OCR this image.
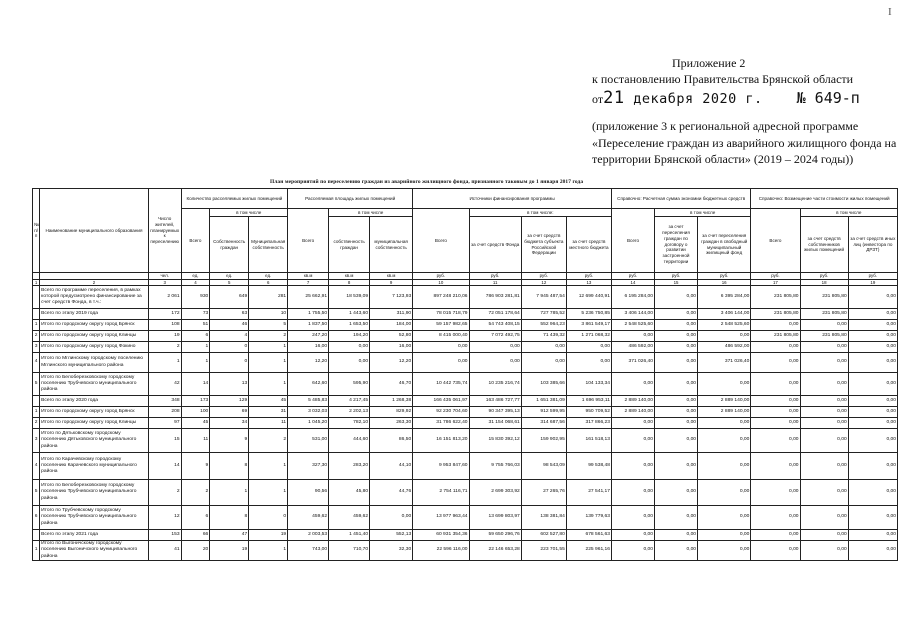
I
Приложение 2
к постановлению Правительства Брянской области
от21 декабря 2020 г. № 649-п

(приложение 3 к региональной адресной программе «Переселение граждан из аварийного жилищного фонда на территории Брянской области» (2019 – 2024 годы))

План мероприятий по переселению граждан из аварийного жилищного фонда, признанного таковым до 1 января 2017 года
№ п/п	Наименование муниципального образования	Число жителей, планируемых к переселению	Количество расселяемых жилых помещений			Расселяемая площадь жилых помещений			Источники финансирования программы				Справочно: Расчетная сумма экономии бюджетных средств			Справочно: Возмещение части стоимости жилых помещений		
			Всего	в том числе		Всего	в том числе		Всего	в том числе:			Всего	в том числе		Всего	в том числе	
				Собственность граждан	Муниципальная собственность		собственность граждан	муниципальная собственность		за счет средств Фонда	за счет средств бюджета субъекта Российской Федерации	за счет средств местного бюджета		за счет переселения граждан по договору о развитии застроенной территории	за счет переселения граждан в свободный муниципальный жилищный фонд		за счет средств собственников жилых помещений	за счет средств иных лиц (инвестора по ДРЗТ)
		чел.	ед.	ед.	ед.	кв.м	кв.м	кв.м	руб.	руб.	руб.	руб.	руб.	руб.	руб.	руб.	руб.	руб.
1	2	3	4	5	6	7	8	9	10	11	12	13	14	15	16	17	18	19
	Всего по программе переселения, в рамках которой предусмотрено финансирование за счет средств Фонда, в т.ч.:	2 061	930	649	281	25 662,91	18 539,09	7 123,93	897 248 210,06	786 903 281,81	7 945 487,54	12 699 440,91	6 195 284,00	0,00	6 395 284,00	231 805,80	231 805,80	0,00
	Всего по этапу 2019 года	172	73	63	10	1 755,50	1 443,60	311,90	78 015 718,79	72 051 178,64	727 785,52	5 236 750,85	3 406 144,00	0,00	3 406 144,00	231 805,80	231 805,80	0,00
1	Итого по городскому округу город Брянск	108	51	46	5	1 837,50	1 653,50	184,00	59 157 982,65	54 743 408,15	552 964,23	3 861 549,17	2 548 525,60	0,00	2 548 525,60	0,00	0,00	0,00
2	Итого по городскому округу город Клинцы	19	6	4	2	247,20	194,20	52,80	8 415 000,40	7 072 492,75	71 439,32	1 271 068,32	0,00	0,00	0,00	231 805,80	231 805,80	0,00
3	Итого по городскому округу город Фокино	2	1	0	1	16,00	0,00	16,00	0,00	0,00	0,00	0,00	486 592,00	0,00	486 592,00	0,00	0,00	0,00
4	Итого по Мглинскому городскому поселению Мглинского муниципального района	1	1	0	1	12,20	0,00	12,20	0,00	0,00	0,00	0,00	371 026,40	0,00	371 026,40	0,00	0,00	0,00
5	Итого по Белоберезковскому городскому поселению Трубчевского муниципального района	42	14	13	1	642,60	595,90	46,70	10 442 735,74	10 235 216,74	103 385,66	104 133,34	0,00	0,00	0,00	0,00	0,00	0,00
	Всего по этапу 2020 года	348	173	129	45	5 485,83	4 217,45	1 268,38	166 435 061,97	163 486 727,77	1 651 381,09	1 696 953,11	2 889 140,00	0,00	2 889 140,00	0,00	0,00	0,00
1	Итого по городскому округу город Брянск	208	100	69	31	3 032,03	2 202,13	829,92	92 230 704,60	90 347 395,13	912 599,95	950 709,52	2 889 140,00	0,00	2 889 140,00	0,00	0,00	0,00
2	Итого по городскому округу город Клинцы	97	45	34	11	1 045,20	782,10	263,30	31 786 622,40	31 154 068,61	314 687,56	317 866,23	0,00	0,00	0,00	0,00	0,00	0,00
3	Итого по Дятьковскому городскому поселению Дятьковского муниципального района	15	11	9	2	531,00	444,60	86,50	16 151 813,20	15 830 392,12	159 902,95	161 518,13	0,00	0,00	0,00	0,00	0,00	0,00
4	Итого по Карачевскому городскому поселению Карачевского муниципального района	14	9	8	1	327,30	283,20	44,10	9 953 847,60	9 755 766,03	98 543,09	99 538,48	0,00	0,00	0,00	0,00	0,00	0,00
5	Итого по Белоберезковскому городскому поселению Трубчевского муниципального района	2	2	1	1	90,56	45,80	44,76	2 754 116,71	2 699 303,92	27 265,76	27 541,17	0,00	0,00	0,00	0,00	0,00	0,00
6	Итого по Трубчевскому городскому поселению Трубчевского муниципального района	12	6	8	0	459,62	459,62	0,00	13 977 963,44	13 699 803,97	138 381,84	139 779,63	0,00	0,00	0,00	0,00	0,00	0,00
	Всего по этапу 2021 года	153	66	47	19	2 003,53	1 451,40	552,13	60 931 354,36	59 650 296,76	602 527,80	678 561,63	0,00	0,00	0,00	0,00	0,00	0,00
1	Итого по Выгоничскому городскому поселению Выгоничского муниципального района	41	20	19	1	743,00	710,70	32,30	22 596 116,00	22 146 653,28	223 701,55	225 961,16	0,00	0,00	0,00	0,00	0,00	0,00
